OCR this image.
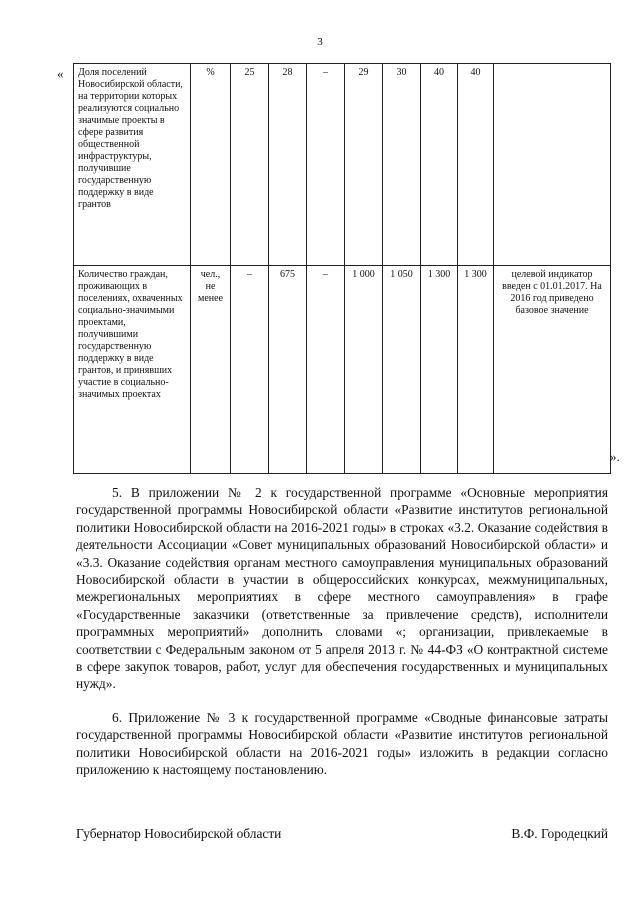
3
« Доля поселений Новосибирской области, на территории которых реализуются социально значимые проекты в сфере развития общественной инфраструктуры, получившие государственную поддержку в виде грантов	%	25	28	–	29	30	40	40	
Количество граждан, проживающих в поселениях, охваченных социально-значимыми проектами, получившими государственную поддержку в виде грантов, и принявших участие в социально-значимых проектах	чел., не менее	–	675	–	1 000	1 050	1 300	1 300	целевой индикатор введен с 01.01.2017. На 2016 год приведено базовое значение
».

5. В приложении № 2 к государственной программе «Основные мероприятия государственной программы Новосибирской области «Развитие институтов региональной политики Новосибирской области на 2016-2021 годы» в строках «3.2. Оказание содействия в деятельности Ассоциации «Совет муниципальных образований Новосибирской области» и «3.3. Оказание содействия органам местного самоуправления муниципальных образований Новосибирской области в участии в общероссийских конкурсах, межмуниципальных, межрегиональных мероприятиях в сфере местного самоуправления» в графе «Государственные заказчики (ответственные за привлечение средств), исполнители программных мероприятий» дополнить словами «; организации, привлекаемые в соответствии с Федеральным законом от 5 апреля 2013 г. № 44-ФЗ «О контрактной системе в сфере закупок товаров, работ, услуг для обеспечения государственных и муниципальных нужд».

6. Приложение № 3 к государственной программе «Сводные финансовые затраты государственной программы Новосибирской области «Развитие институтов региональной политики Новосибирской области на 2016-2021 годы» изложить в редакции согласно приложению к настоящему постановлению.

Губернатор Новосибирской области	В.Ф. Городецкий
